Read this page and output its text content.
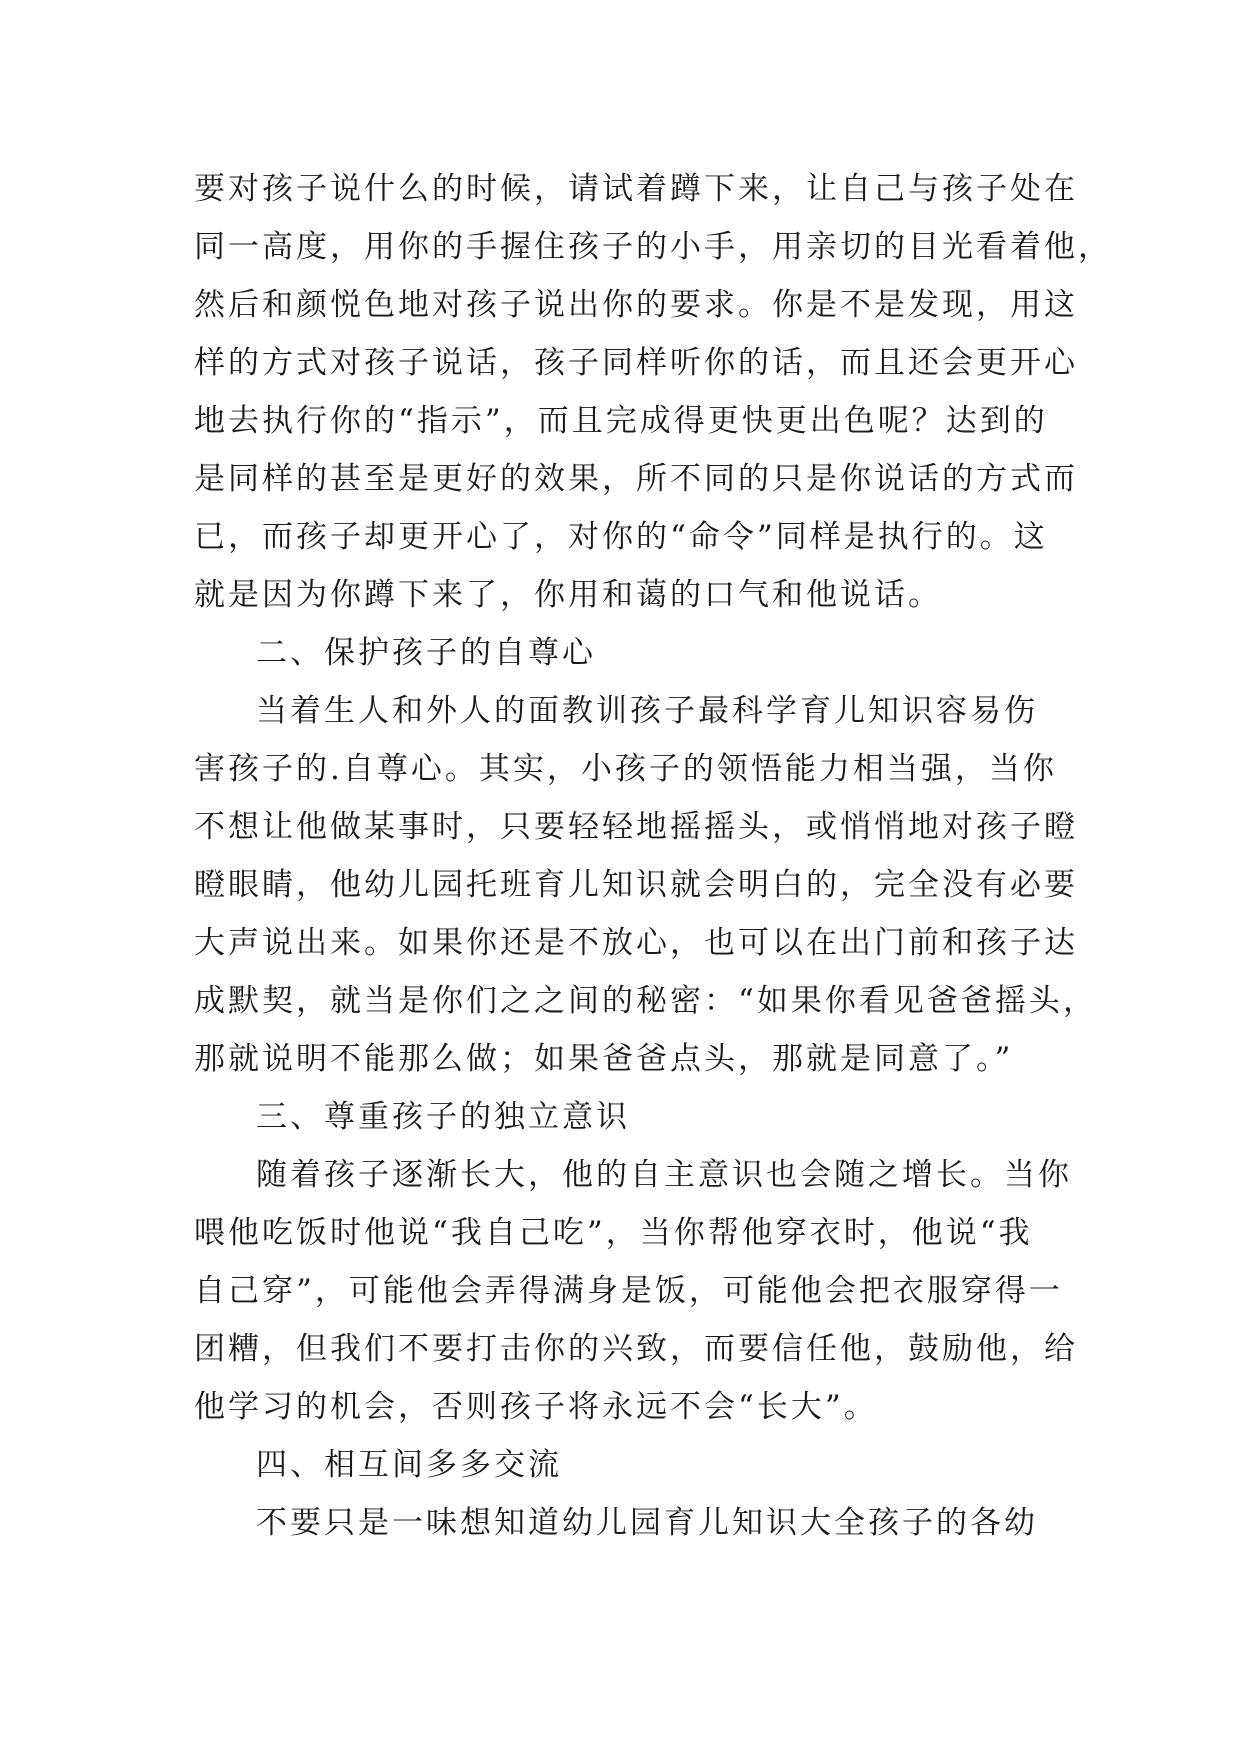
要对孩子说什么的时候，请试着蹲下来，让自己与孩子处在
同一高度，用你的手握住孩子的小手，用亲切的目光看着他，
然后和颜悦色地对孩子说出你的要求。你是不是发现，用这
样的方式对孩子说话，孩子同样听你的话，而且还会更开心
地去执行你的“指示”，而且完成得更快更出色呢？达到的
是同样的甚至是更好的效果，所不同的只是你说话的方式而
已，而孩子却更开心了，对你的“命令”同样是执行的。这
就是因为你蹲下来了，你用和蔼的口气和他说话。
二、保护孩子的自尊心
当着生人和外人的面教训孩子最科学育儿知识容易伤
害孩子的.自尊心。其实，小孩子的领悟能力相当强，当你
不想让他做某事时，只要轻轻地摇摇头，或悄悄地对孩子瞪
瞪眼睛，他幼儿园托班育儿知识就会明白的，完全没有必要
大声说出来。如果你还是不放心，也可以在出门前和孩子达
成默契，就当是你们之之间的秘密：“如果你看见爸爸摇头，
那就说明不能那么做；如果爸爸点头，那就是同意了。”
三、尊重孩子的独立意识
随着孩子逐渐长大，他的自主意识也会随之增长。当你
喂他吃饭时他说“我自己吃”，当你帮他穿衣时，他说“我
自己穿”，可能他会弄得满身是饭，可能他会把衣服穿得一
团糟，但我们不要打击你的兴致，而要信任他，鼓励他，给
他学习的机会，否则孩子将永远不会“长大”。
四、相互间多多交流
不要只是一味想知道幼儿园育儿知识大全孩子的各幼
